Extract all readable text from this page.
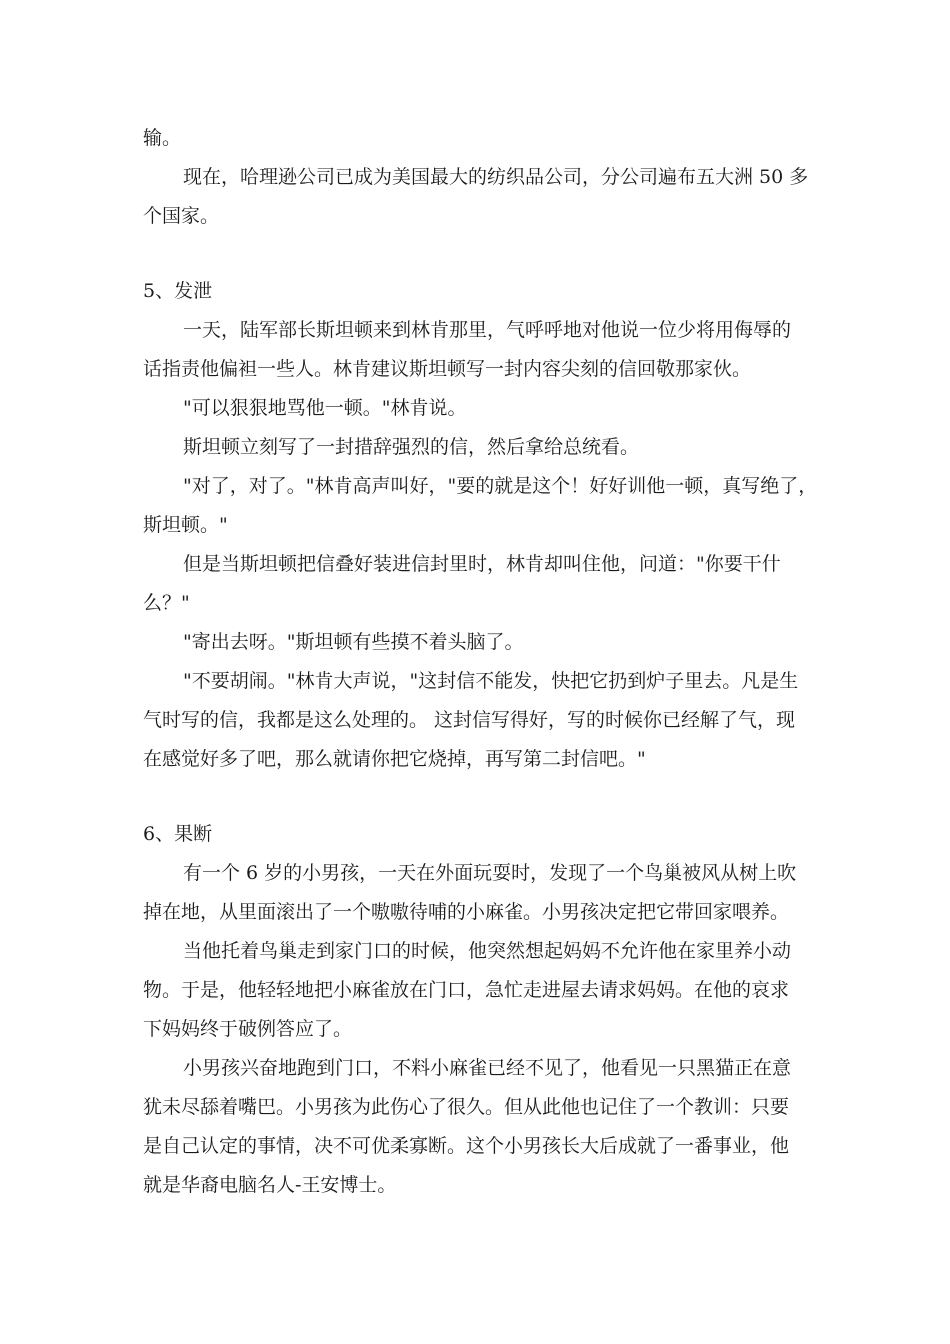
输。
现在，哈理逊公司已成为美国最大的纺织品公司，分公司遍布五大洲 50 多
个国家。
5、发泄
一天，陆军部长斯坦顿来到林肯那里，气呼呼地对他说一位少将用侮辱的
话指责他偏袒一些人。林肯建议斯坦顿写一封内容尖刻的信回敬那家伙。
"可以狠狠地骂他一顿。"林肯说。
斯坦顿立刻写了一封措辞强烈的信，然后拿给总统看。
"对了，对了。"林肯高声叫好，"要的就是这个！好好训他一顿，真写绝了，
斯坦顿。"
但是当斯坦顿把信叠好装进信封里时，林肯却叫住他，问道："你要干什
么？"
"寄出去呀。"斯坦顿有些摸不着头脑了。
"不要胡闹。"林肯大声说，"这封信不能发，快把它扔到炉子里去。凡是生
气时写的信，我都是这么处理的。 这封信写得好，写的时候你已经解了气，现
在感觉好多了吧，那么就请你把它烧掉，再写第二封信吧。"
6、果断
有一个 6 岁的小男孩，一天在外面玩耍时，发现了一个鸟巢被风从树上吹
掉在地，从里面滚出了一个嗷嗷待哺的小麻雀。小男孩决定把它带回家喂养。
当他托着鸟巢走到家门口的时候，他突然想起妈妈不允许他在家里养小动
物。于是，他轻轻地把小麻雀放在门口，急忙走进屋去请求妈妈。在他的哀求
下妈妈终于破例答应了。
小男孩兴奋地跑到门口，不料小麻雀已经不见了，他看见一只黑猫正在意
犹未尽舔着嘴巴。小男孩为此伤心了很久。但从此他也记住了一个教训：只要
是自己认定的事情，决不可优柔寡断。这个小男孩长大后成就了一番事业，他
就是华裔电脑名人-王安博士。
